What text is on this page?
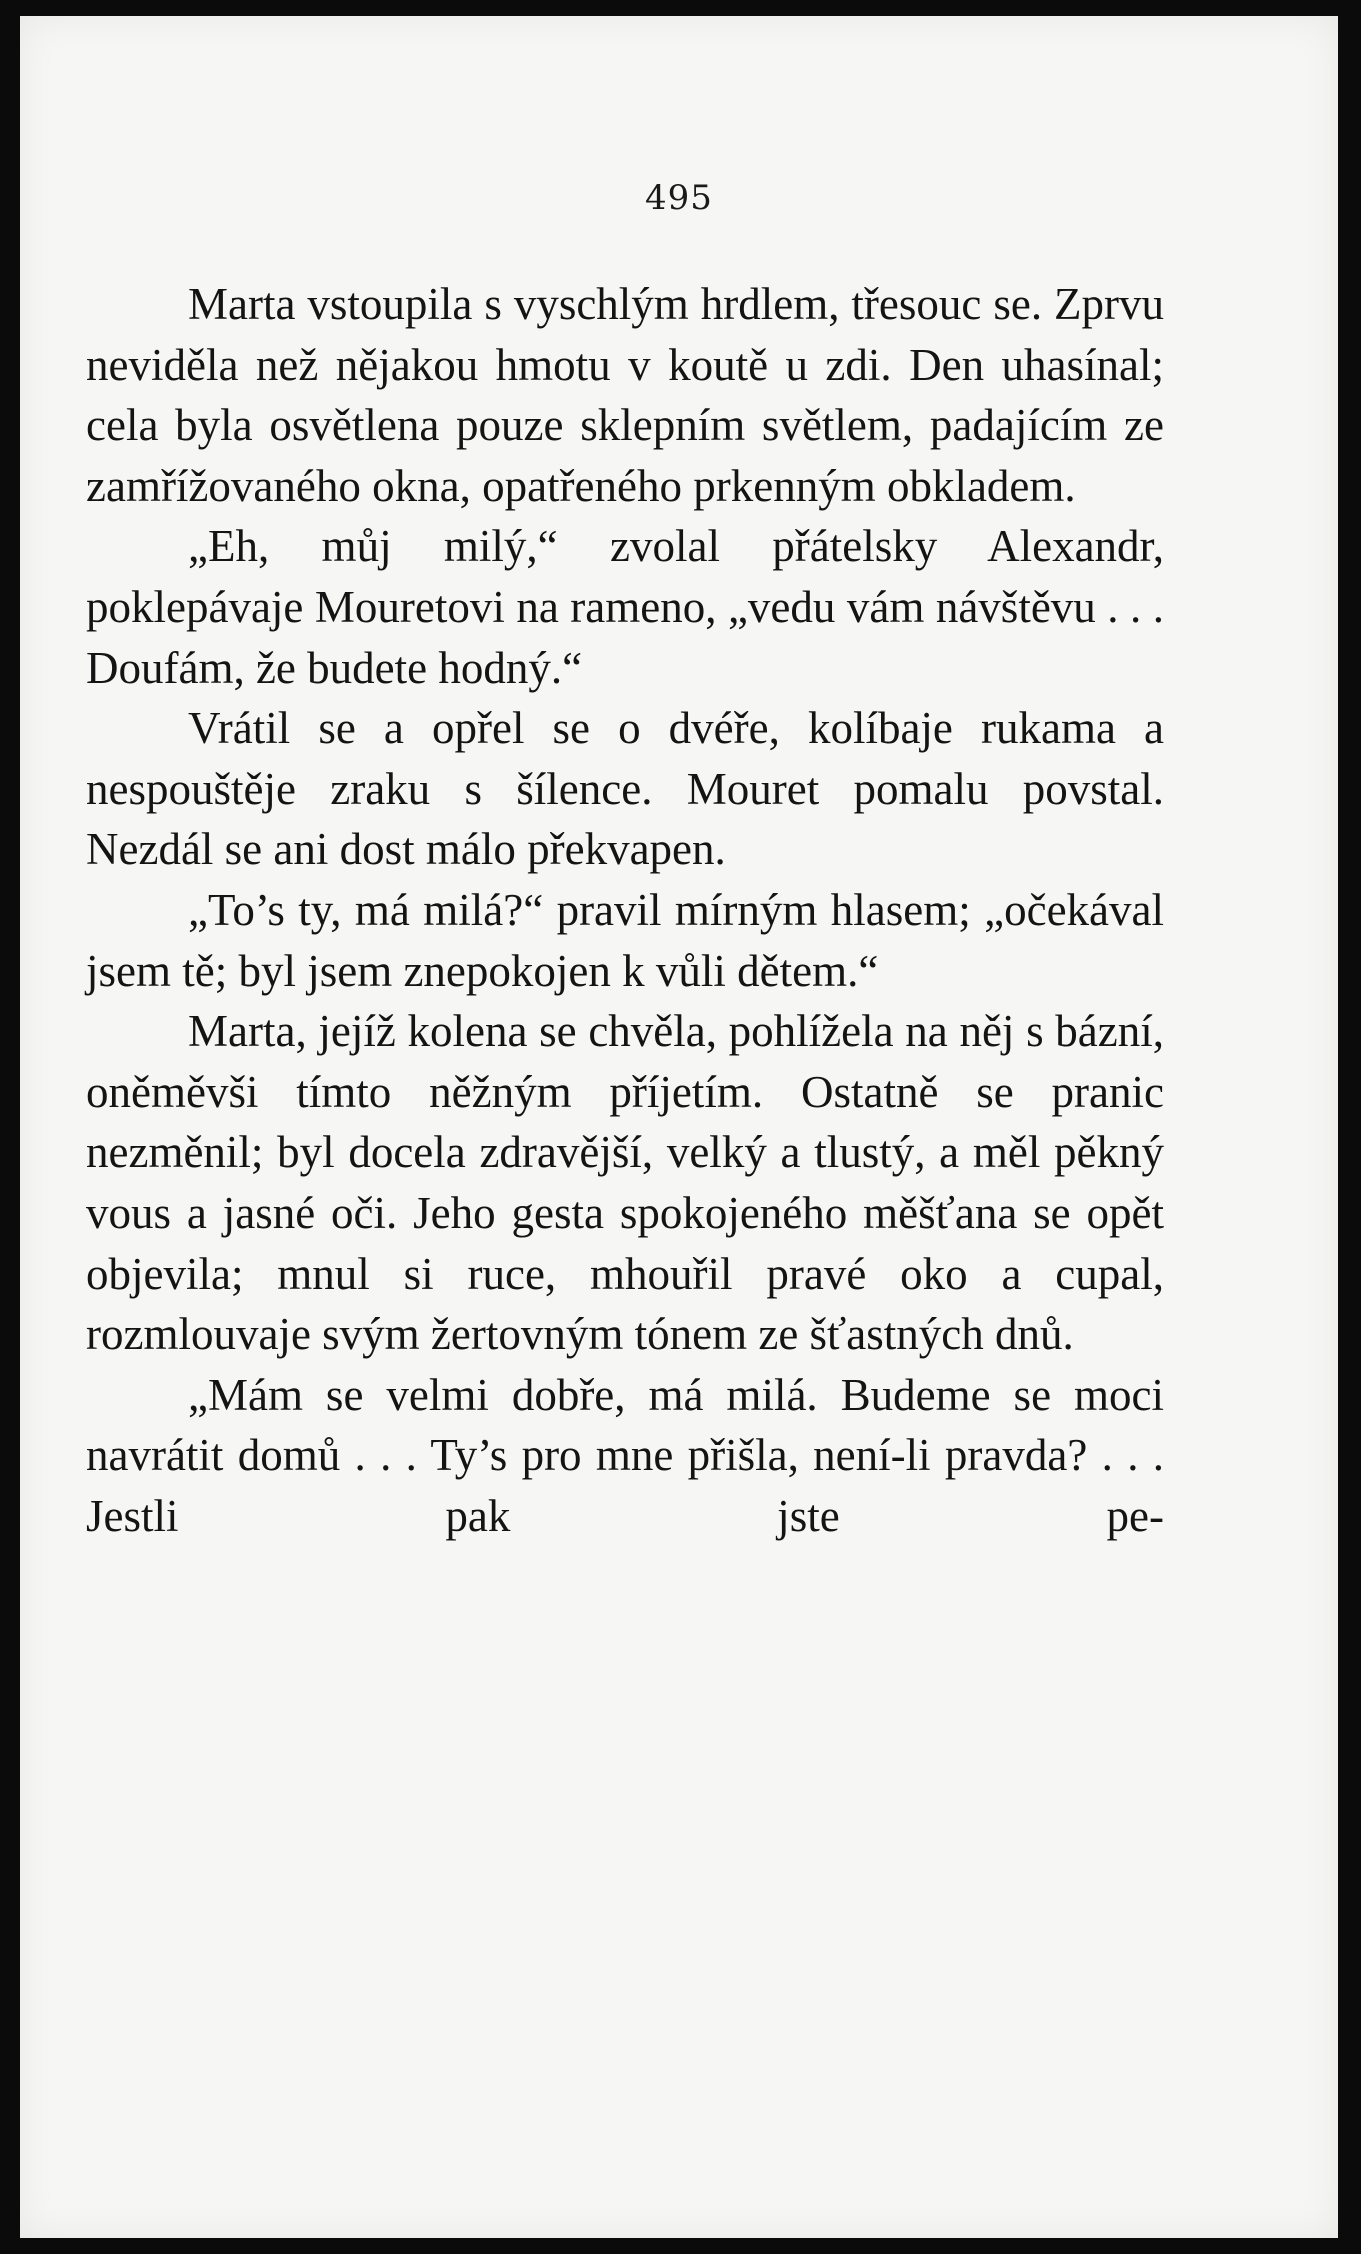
495

Marta vstoupila s vyschlým hrdlem, třesouc se. Zprvu neviděla než nějakou hmotu v koutě u zdi. Den uhasínal; cela byla osvětlena pouze sklepním světlem, padajícím ze zamřížovaného okna, opatřeného prkenným obkladem.

„Eh, můj milý,“ zvolal přátelsky Alexandr, poklepávaje Mouretovi na rameno, „vedu vám návštěvu . . . Doufám, že budete hodný.“

Vrátil se a opřel se o dvéře, kolíbaje rukama a nespouštěje zraku s šílence. Mouret pomalu povstal. Nezdál se ani dost málo překvapen.

„To’s ty, má milá?“ pravil mírným hlasem; „očekával jsem tě; byl jsem znepokojen k vůli dětem.“

Marta, jejíž kolena se chvěla, pohlížela na něj s bázní, oněměvši tímto něžným příjetím. Ostatně se pranic nezměnil; byl docela zdravější, velký a tlustý, a měl pěkný vous a jasné oči. Jeho gesta spokojeného měšťana se opět objevila; mnul si ruce, mhouřil pravé oko a cupal, rozmlouvaje svým žertovným tónem ze šťastných dnů.

„Mám se velmi dobře, má milá. Budeme se moci navrátit domů . . . Ty’s pro mne přišla, není-li pravda? . . . Jestli pak jste pe-
